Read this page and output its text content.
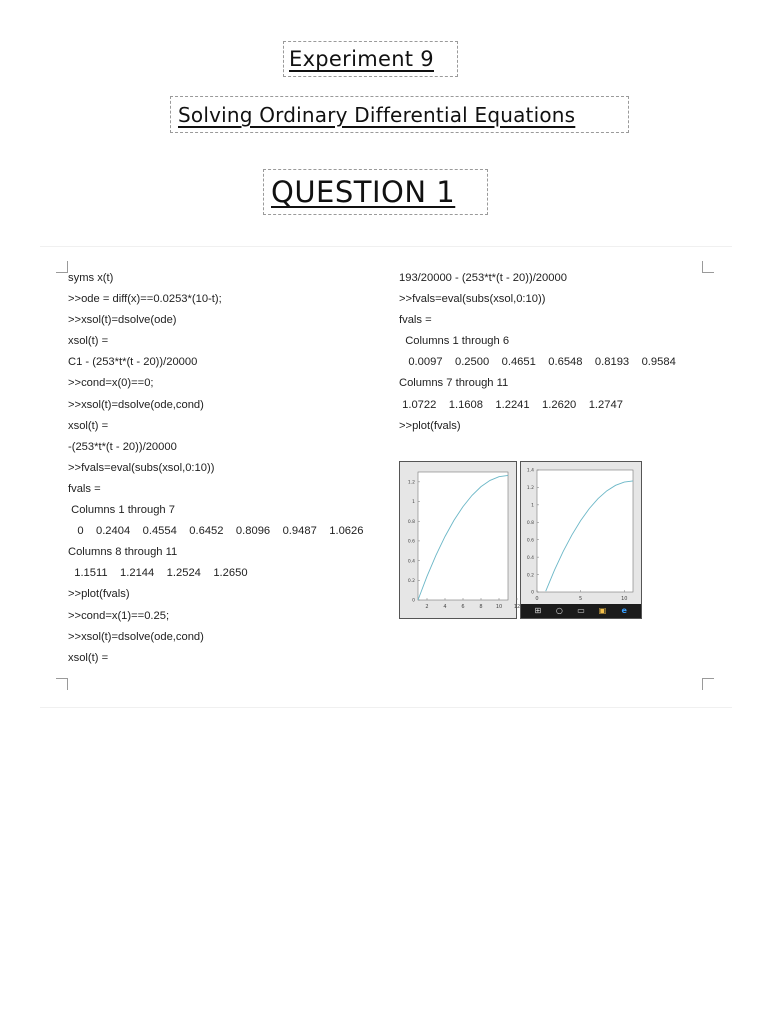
Experiment 9
Solving Ordinary Differential Equations
QUESTION 1
syms x(t)
>>ode = diff(x)==0.0253*(10-t);
>>xsol(t)=dsolve(ode)
xsol(t) =
C1 - (253*t*(t - 20))/20000
>>cond=x(0)==0;
>>xsol(t)=dsolve(ode,cond)
xsol(t) =
-(253*t*(t - 20))/20000
>>fvals=eval(subs(xsol,0:10))
fvals =
Columns 1 through 7
0    0.2404    0.4554    0.6452    0.8096    0.9487    1.0626
Columns 8 through 11
1.1511    1.2144    1.2524    1.2650
>>plot(fvals)
>>cond=x(1)==0.25;
>>xsol(t)=dsolve(ode,cond)
xsol(t) =
193/20000 - (253*t*(t - 20))/20000
>>fvals=eval(subs(xsol,0:10))
fvals =
Columns 1 through 6
0.0097    0.2500    0.4651    0.6548    0.8193    0.9584
Columns 7 through 11
1.0722    1.1608    1.2241    1.2620    1.2747
>>plot(fvals)
2	4	6	8	10 12
0
0.2
0.4
0.6
0.8
1
1.2
0	5	10
0
0.2
0.4
0.6
0.8
1
1.2
1.4
⊞ ○ ▭ ▣ e
